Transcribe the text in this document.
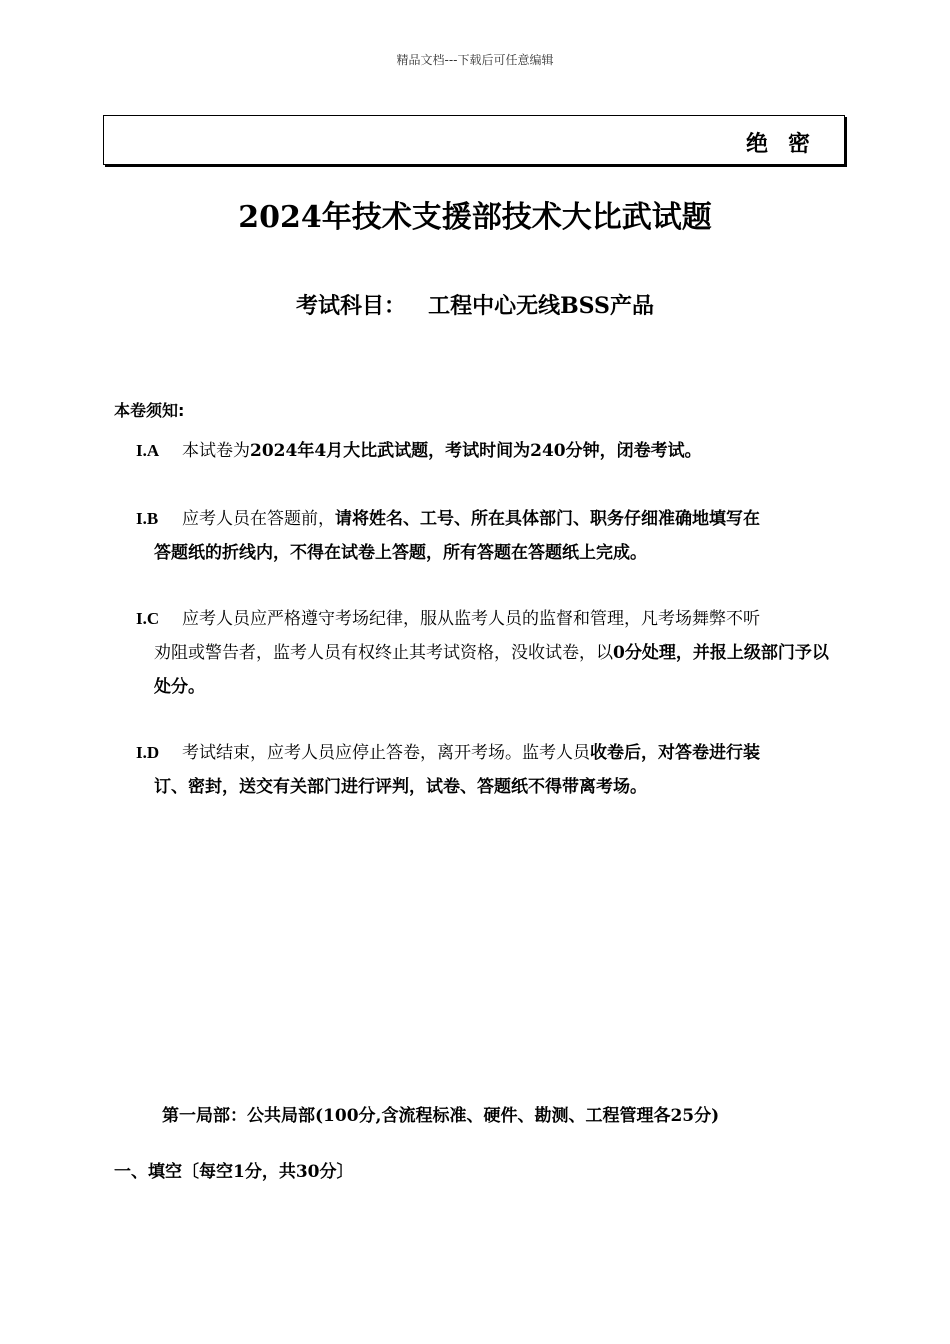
精品文档---下载后可任意编辑
绝密
2024年技术支援部技术大比武试题
考试科目： 工程中心无线BSS产品
本卷须知:
I.A 本试卷为2024年4月大比武试题，考试时间为240分钟，闭卷考试。
I.B 应考人员在答题前，请将姓名、工号、所在具体部门、职务仔细准确地填写在
答题纸的折线内，不得在试卷上答题，所有答题在答题纸上完成。
I.C 应考人员应严格遵守考场纪律，服从监考人员的监督和管理，凡考场舞弊不听
劝阻或警告者，监考人员有权终止其考试资格，没收试卷，以0分处理，并报上级部门予以处分。
I.D 考试结束，应考人员应停止答卷，离开考场。监考人员收卷后，对答卷进行装
订、密封，送交有关部门进行评判，试卷、答题纸不得带离考场。
第一局部：公共局部(100分,含流程标准、硬件、勘测、工程管理各25分)
一、填空〔每空1分，共30分〕
